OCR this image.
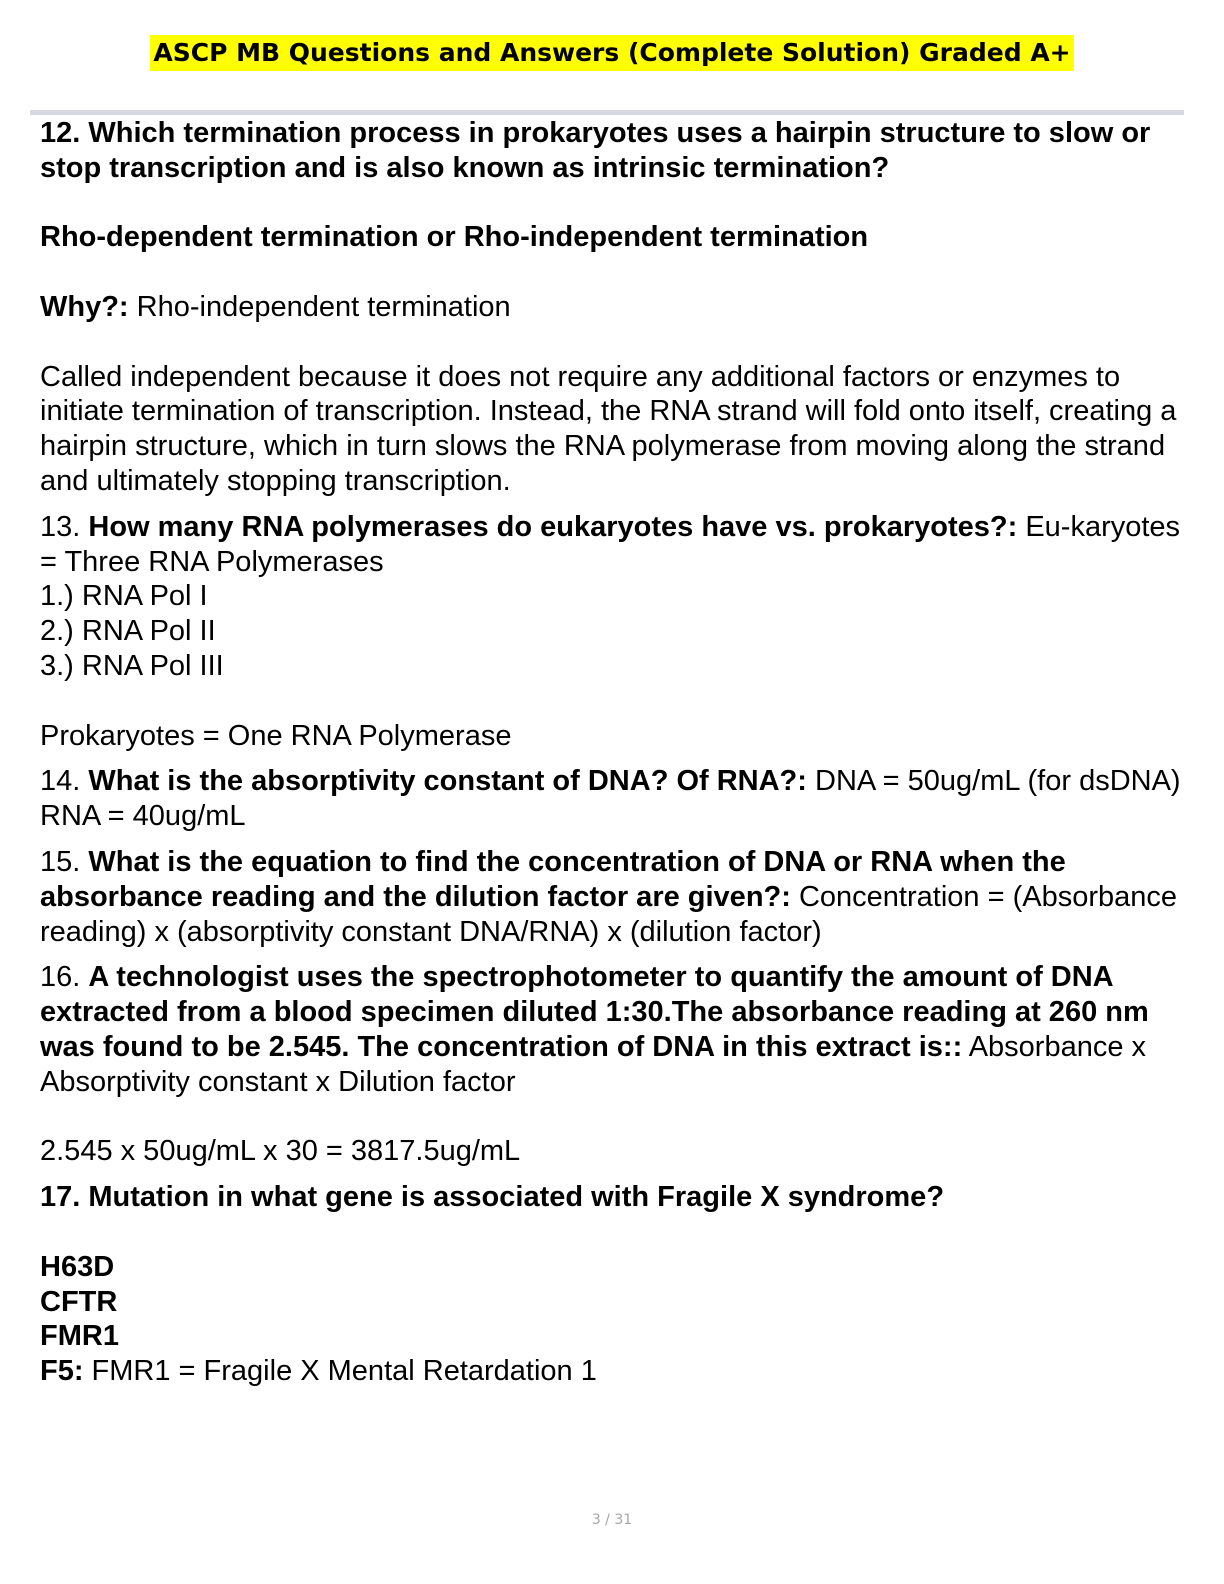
ASCP MB Questions and Answers (Complete Solution) Graded A+

12. Which termination process in prokaryotes uses a hairpin structure to slow or stop transcription and is also known as intrinsic termination?

Rho-dependent termination or Rho-independent termination

Why?: Rho-independent termination

Called independent because it does not require any additional factors or enzymes to initiate termination of transcription. Instead, the RNA strand will fold onto itself, creating a hairpin structure, which in turn slows the RNA polymerase from moving along the strand and ultimately stopping transcription.

13. How many RNA polymerases do eukaryotes have vs. prokaryotes?: Eu-karyotes = Three RNA Polymerases

1.) RNA Pol I

2.) RNA Pol II

3.) RNA Pol III

Prokaryotes = One RNA Polymerase

14. What is the absorptivity constant of DNA? Of RNA?: DNA = 50ug/mL (for dsDNA)

RNA = 40ug/mL

15. What is the equation to find the concentration of DNA or RNA when the absorbance reading and the dilution factor are given?: Concentration = (Absorbance reading) x (absorptivity constant DNA/RNA) x (dilution factor)

16. A technologist uses the spectrophotometer to quantify the amount of DNA extracted from a blood specimen diluted 1:30.The absorbance reading at 260 nm was found to be 2.545. The concentration of DNA in this extract is:: Absorbance x Absorptivity constant x Dilution factor

2.545 x 50ug/mL x 30 = 3817.5ug/mL

17. Mutation in what gene is associated with Fragile X syndrome?

H63D

CFTR

FMR1

F5: FMR1 = Fragile X Mental Retardation 1

3 / 31
